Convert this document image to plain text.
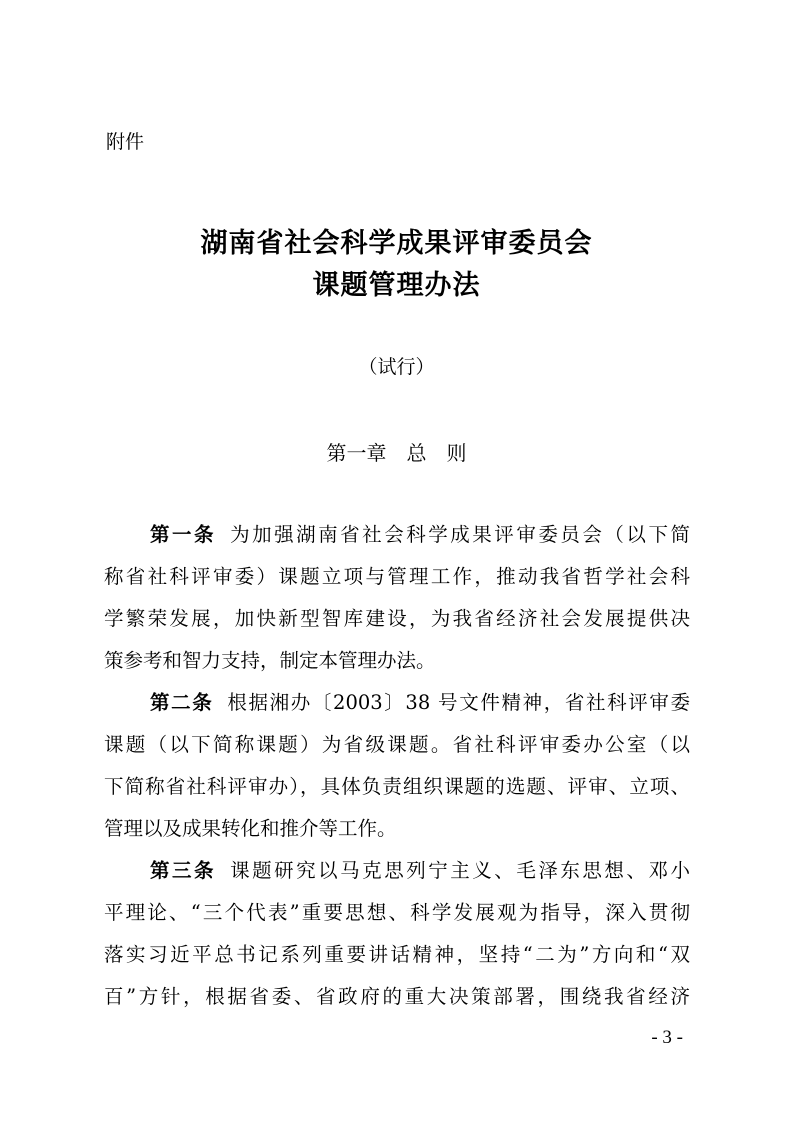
附件
湖南省社会科学成果评审委员会
课题管理办法
（试行）
第一章　总　则
第一条 为加强湖南省社会科学成果评审委员会（以下简
称省社科评审委）课题立项与管理工作，推动我省哲学社会科
学繁荣发展，加快新型智库建设，为我省经济社会发展提供决
策参考和智力支持，制定本管理办法。
第二条 根据湘办〔2003〕38 号文件精神，省社科评审委
课题（以下简称课题）为省级课题。省社科评审委办公室（以
下简称省社科评审办），具体负责组织课题的选题、评审、立项、
管理以及成果转化和推介等工作。
第三条 课题研究以马克思列宁主义、毛泽东思想、邓小
平理论、“三个代表”重要思想、科学发展观为指导，深入贯彻
落实习近平总书记系列重要讲话精神，坚持“二为”方向和“双
百”方针，根据省委、省政府的重大决策部署，围绕我省经济
- 3 -
